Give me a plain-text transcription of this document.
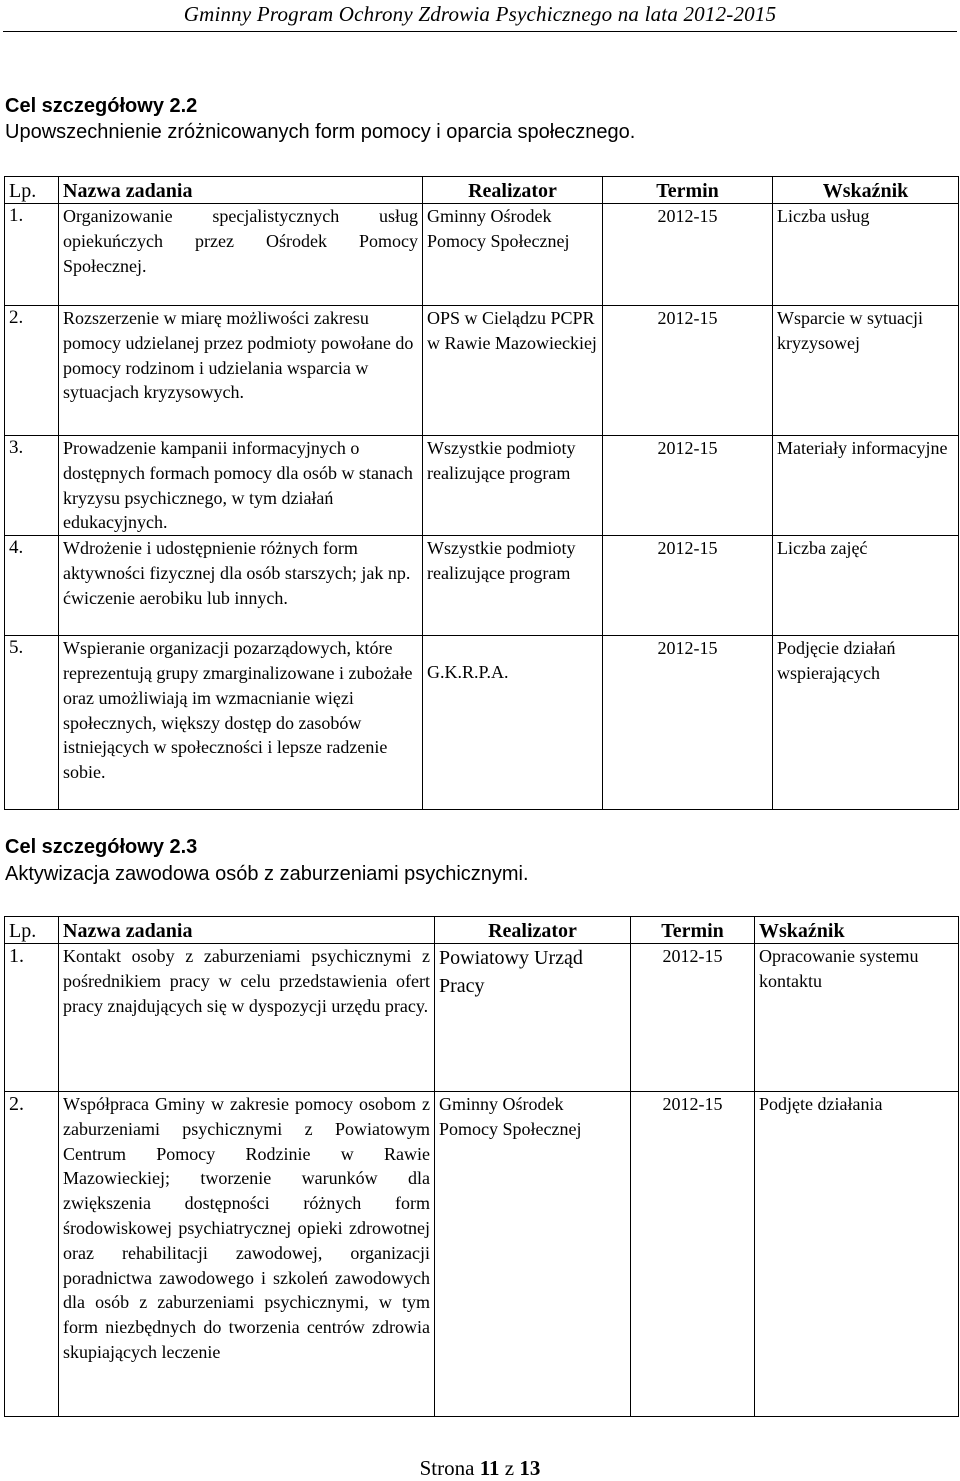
Gminny Program Ochrony Zdrowia Psychicznego na lata 2012-2015
Cel szczegółowy 2.2
Upowszechnienie zróżnicowanych form pomocy i oparcia społecznego.
Lp.	Nazwa zadania	Realizator	Termin	Wskaźnik
1.	Organizowanie specjalistycznych usług opiekuńczych przez Ośrodek Pomocy Społecznej.	Gminny Ośrodek Pomocy Społecznej	2012-15	Liczba usług
2.	Rozszerzenie w miarę możliwości zakresu pomocy udzielanej przez podmioty powołane do pomocy rodzinom i udzielania wsparcia w sytuacjach kryzysowych.	OPS w Cielądzu PCPR w Rawie Mazowieckiej	2012-15	Wsparcie w sytuacji kryzysowej
3.	Prowadzenie kampanii informacyjnych o dostępnych formach pomocy dla osób w stanach kryzysu psychicznego, w tym działań edukacyjnych.	Wszystkie podmioty realizujące program	2012-15	Materiały informacyjne
4.	Wdrożenie i udostępnienie różnych form aktywności fizycznej dla osób starszych; jak np. ćwiczenie aerobiku lub innych.	Wszystkie podmioty realizujące program	2012-15	Liczba zajęć
5.	Wspieranie organizacji pozarządowych, które reprezentują grupy zmarginalizowane i zubożałe oraz umożliwiają im wzmacnianie więzi społecznych, większy dostęp do zasobów istniejących w społeczności i lepsze radzenie sobie.	G.K.R.P.A.	2012-15	Podjęcie działań wspierających
Cel szczegółowy 2.3
Aktywizacja zawodowa osób z zaburzeniami psychicznymi.
Lp.	Nazwa zadania	Realizator	Termin	Wskaźnik
1.	Kontakt osoby z zaburzeniami psychicznymi z pośrednikiem pracy w celu przedstawienia ofert pracy znajdujących się w dyspozycji urzędu pracy.	Powiatowy Urząd Pracy	2012-15	Opracowanie systemu kontaktu
2.	Współpraca Gminy w zakresie pomocy osobom z zaburzeniami psychicznymi z Powiatowym Centrum Pomocy Rodzinie w Rawie Mazowieckiej; tworzenie warunków dla zwiększenia dostępności różnych form środowiskowej psychiatrycznej opieki zdrowotnej oraz rehabilitacji zawodowej, organizacji poradnictwa zawodowego i szkoleń zawodowych dla osób z zaburzeniami psychicznymi, w tym form niezbędnych do tworzenia centrów zdrowia skupiających leczenie	Gminny Ośrodek Pomocy Społecznej	2012-15	Podjęte działania
Strona 11 z 13
